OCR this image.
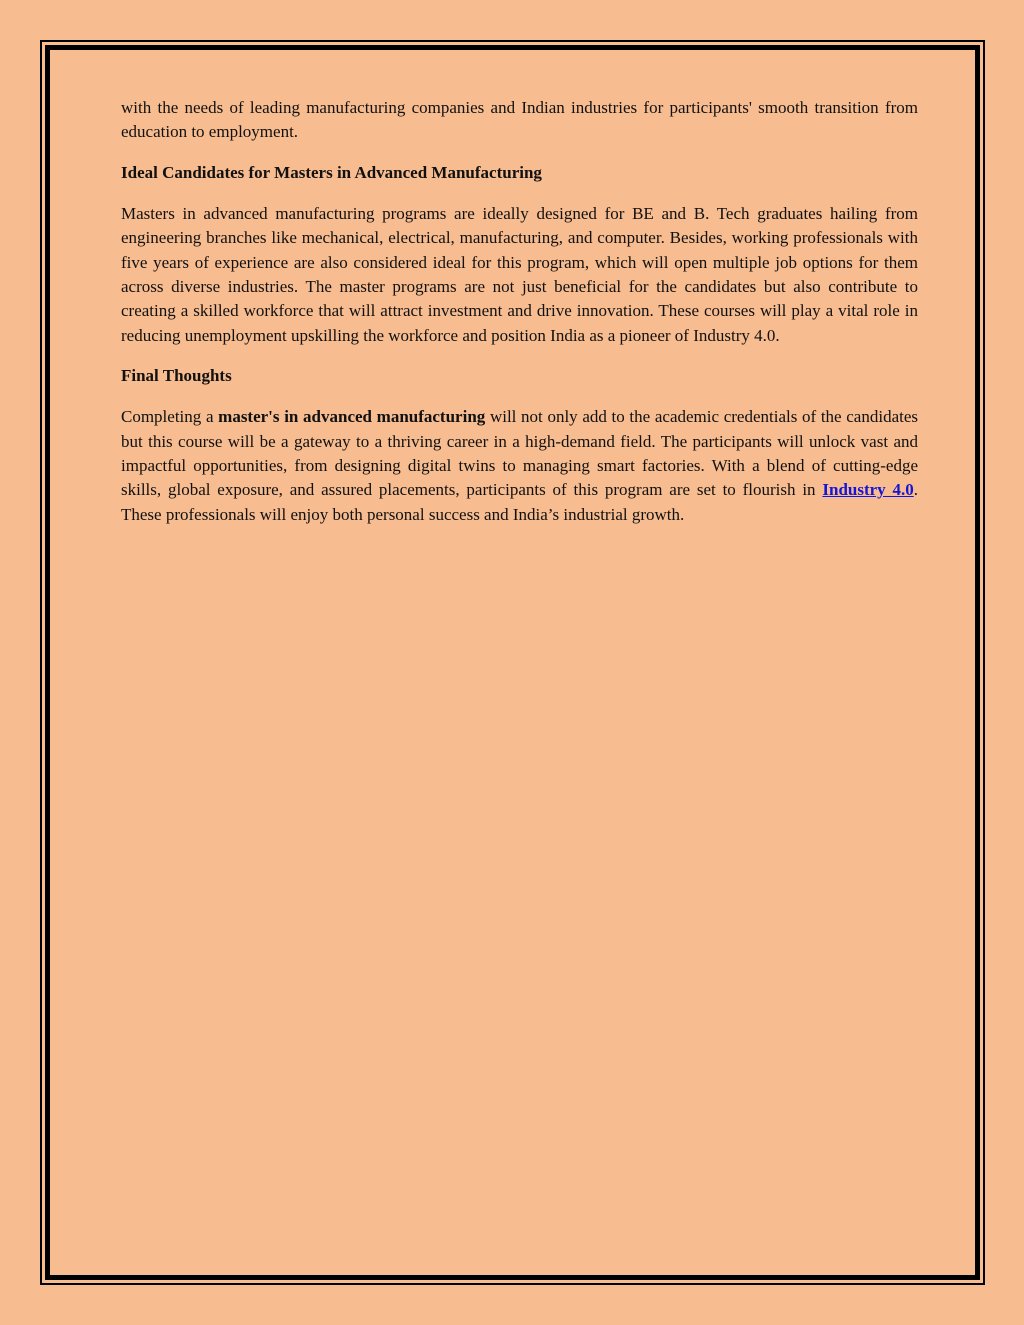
with the needs of leading manufacturing companies and Indian industries for participants' smooth transition from education to employment.

Ideal Candidates for Masters in Advanced Manufacturing

Masters in advanced manufacturing programs are ideally designed for BE and B. Tech graduates hailing from engineering branches like mechanical, electrical, manufacturing, and computer. Besides, working professionals with five years of experience are also considered ideal for this program, which will open multiple job options for them across diverse industries. The master programs are not just beneficial for the candidates but also contribute to creating a skilled workforce that will attract investment and drive innovation. These courses will play a vital role in reducing unemployment upskilling the workforce and position India as a pioneer of Industry 4.0.

Final Thoughts

Completing a master's in advanced manufacturing will not only add to the academic credentials of the candidates but this course will be a gateway to a thriving career in a high-demand field. The participants will unlock vast and impactful opportunities, from designing digital twins to managing smart factories. With a blend of cutting-edge skills, global exposure, and assured placements, participants of this program are set to flourish in Industry 4.0. These professionals will enjoy both personal success and India’s industrial growth.
